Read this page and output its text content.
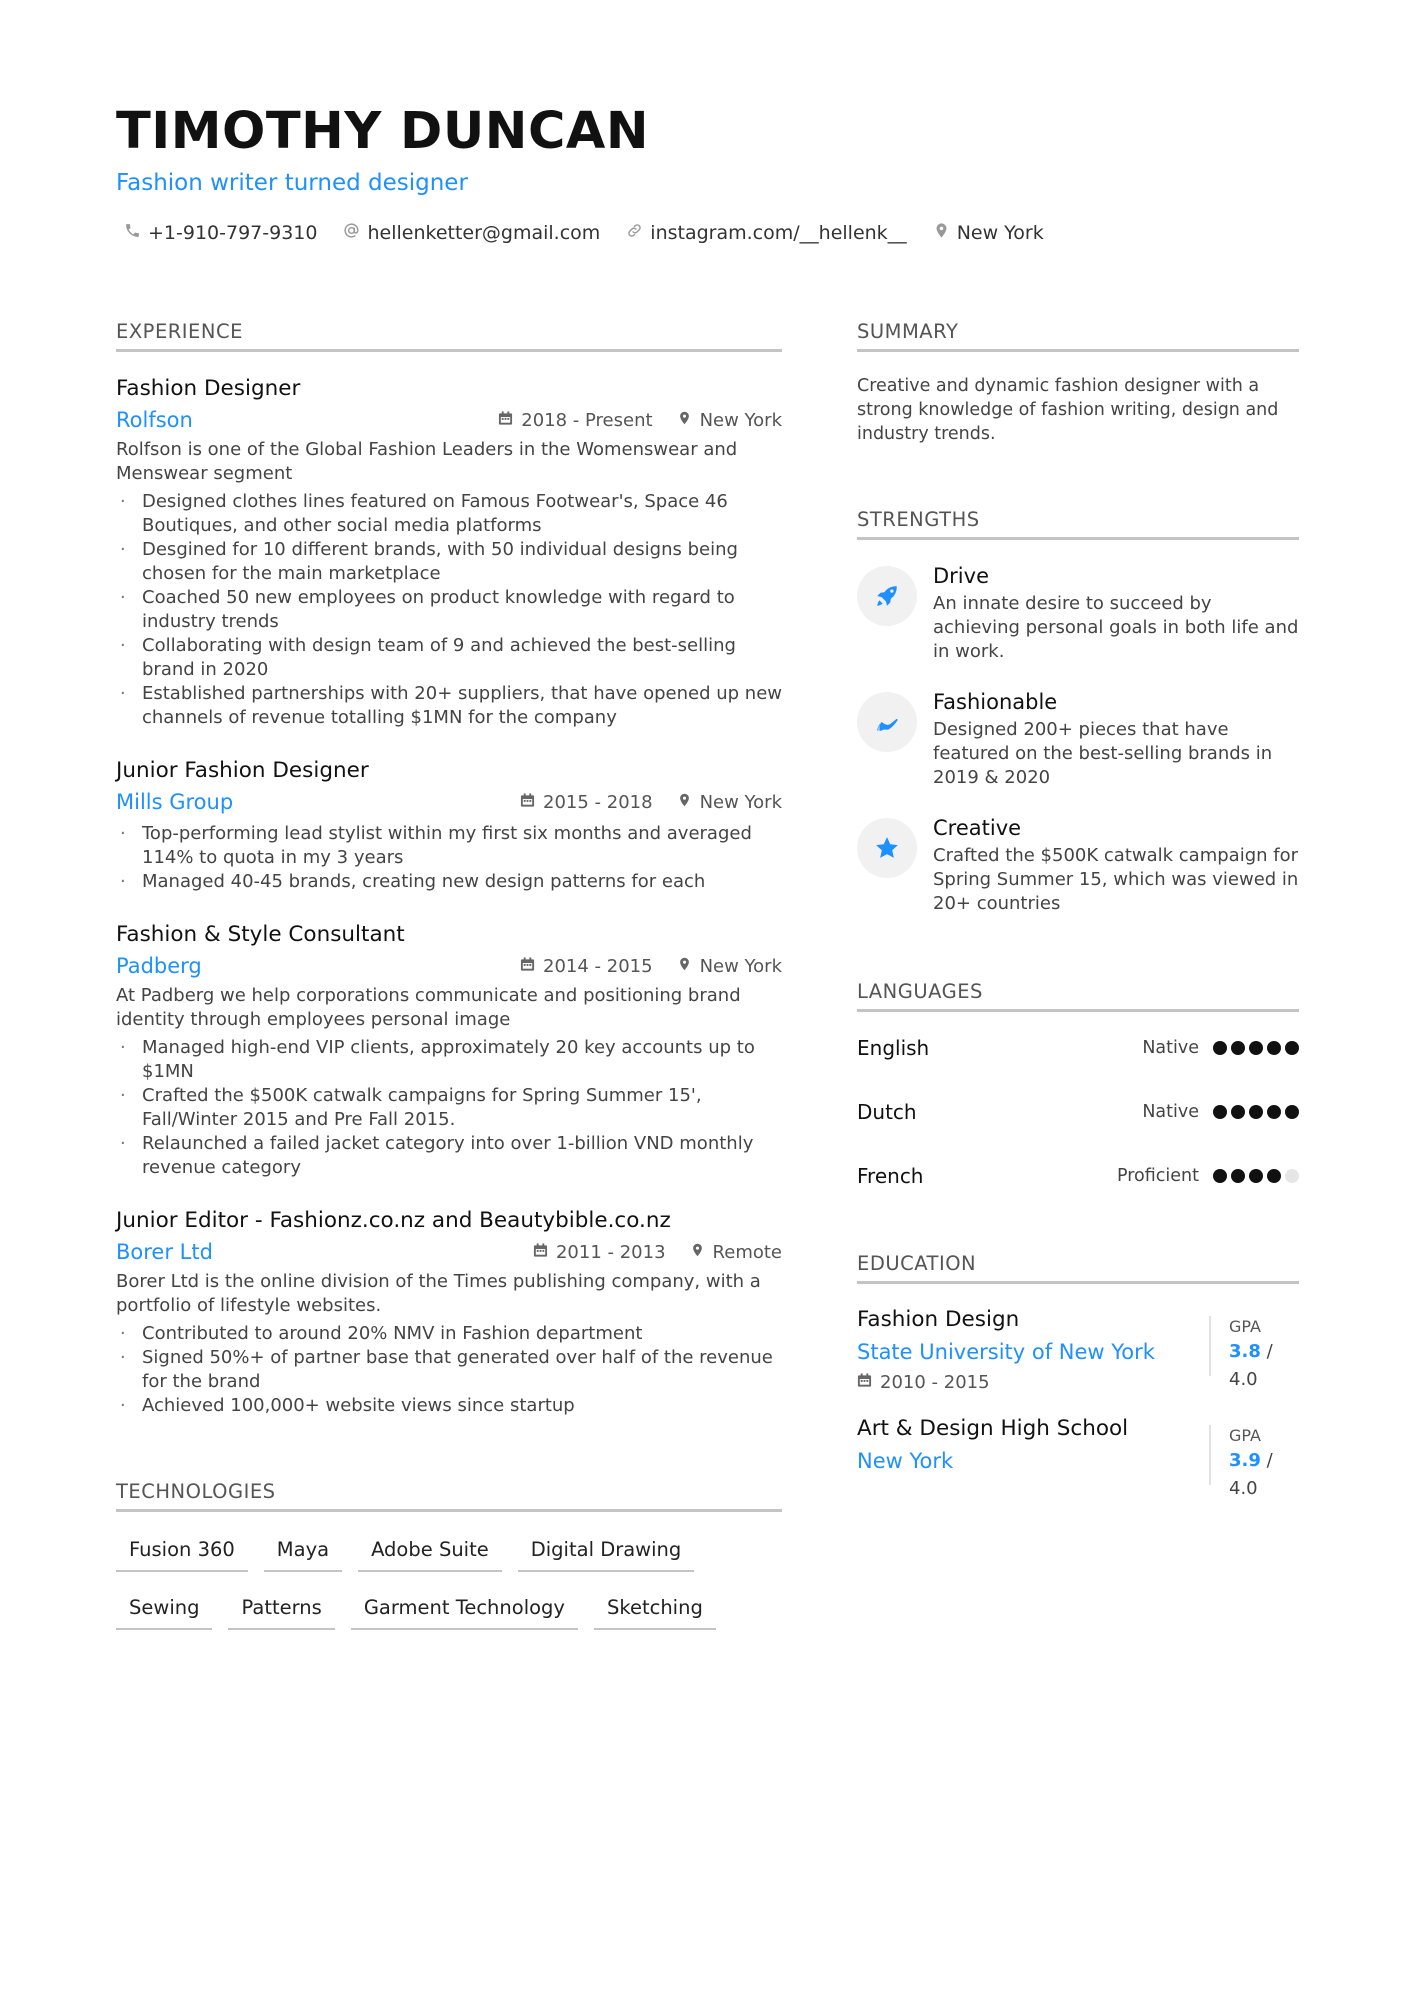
TIMOTHY DUNCAN
Fashion writer turned designer
+1-910-797-9310	hellenketter@gmail.com	instagram.com/__hellenk__	New York
EXPERIENCE
Fashion Designer
Rolfson	2018 - Present	New York
Rolfson is one of the Global Fashion Leaders in the Womenswear and Menswear segment
· Designed clothes lines featured on Famous Footwear's, Space 46 Boutiques, and other social media platforms
· Desgined for 10 different brands, with 50 individual designs being chosen for the main marketplace
· Coached 50 new employees on product knowledge with regard to industry trends
· Collaborating with design team of 9 and achieved the best-selling brand in 2020
· Established partnerships with 20+ suppliers, that have opened up new channels of revenue totalling $1MN for the company
Junior Fashion Designer
Mills Group	2015 - 2018	New York
· Top-performing lead stylist within my first six months and averaged 114% to quota in my 3 years
· Managed 40-45 brands, creating new design patterns for each
Fashion & Style Consultant
Padberg	2014 - 2015	New York
At Padberg we help corporations communicate and positioning brand identity through employees personal image
· Managed high-end VIP clients, approximately 20 key accounts up to $1MN
· Crafted the $500K catwalk campaigns for Spring Summer 15', Fall/Winter 2015 and Pre Fall 2015.
· Relaunched a failed jacket category into over 1-billion VND monthly revenue category
Junior Editor - Fashionz.co.nz and Beautybible.co.nz
Borer Ltd	2011 - 2013	Remote
Borer Ltd is the online division of the Times publishing company, with a portfolio of lifestyle websites.
· Contributed to around 20% NMV in Fashion department
· Signed 50%+ of partner base that generated over half of the revenue for the brand
· Achieved 100,000+ website views since startup
TECHNOLOGIES
Fusion 360	Maya	Adobe Suite	Digital Drawing
Sewing	Patterns	Garment Technology	Sketching
SUMMARY
Creative and dynamic fashion designer with a strong knowledge of fashion writing, design and industry trends.
STRENGTHS
Drive
An innate desire to succeed by achieving personal goals in both life and in work.
Fashionable
Designed 200+ pieces that have featured on the best-selling brands in 2019 & 2020
Creative
Crafted the $500K catwalk campaign for Spring Summer 15, which was viewed in 20+ countries
LANGUAGES
English	Native
Dutch	Native
French	Proficient
EDUCATION
Fashion Design
State University of New York
2010 - 2015
GPA
3.8 / 4.0
Art & Design High School
New York
GPA
3.9 / 4.0
